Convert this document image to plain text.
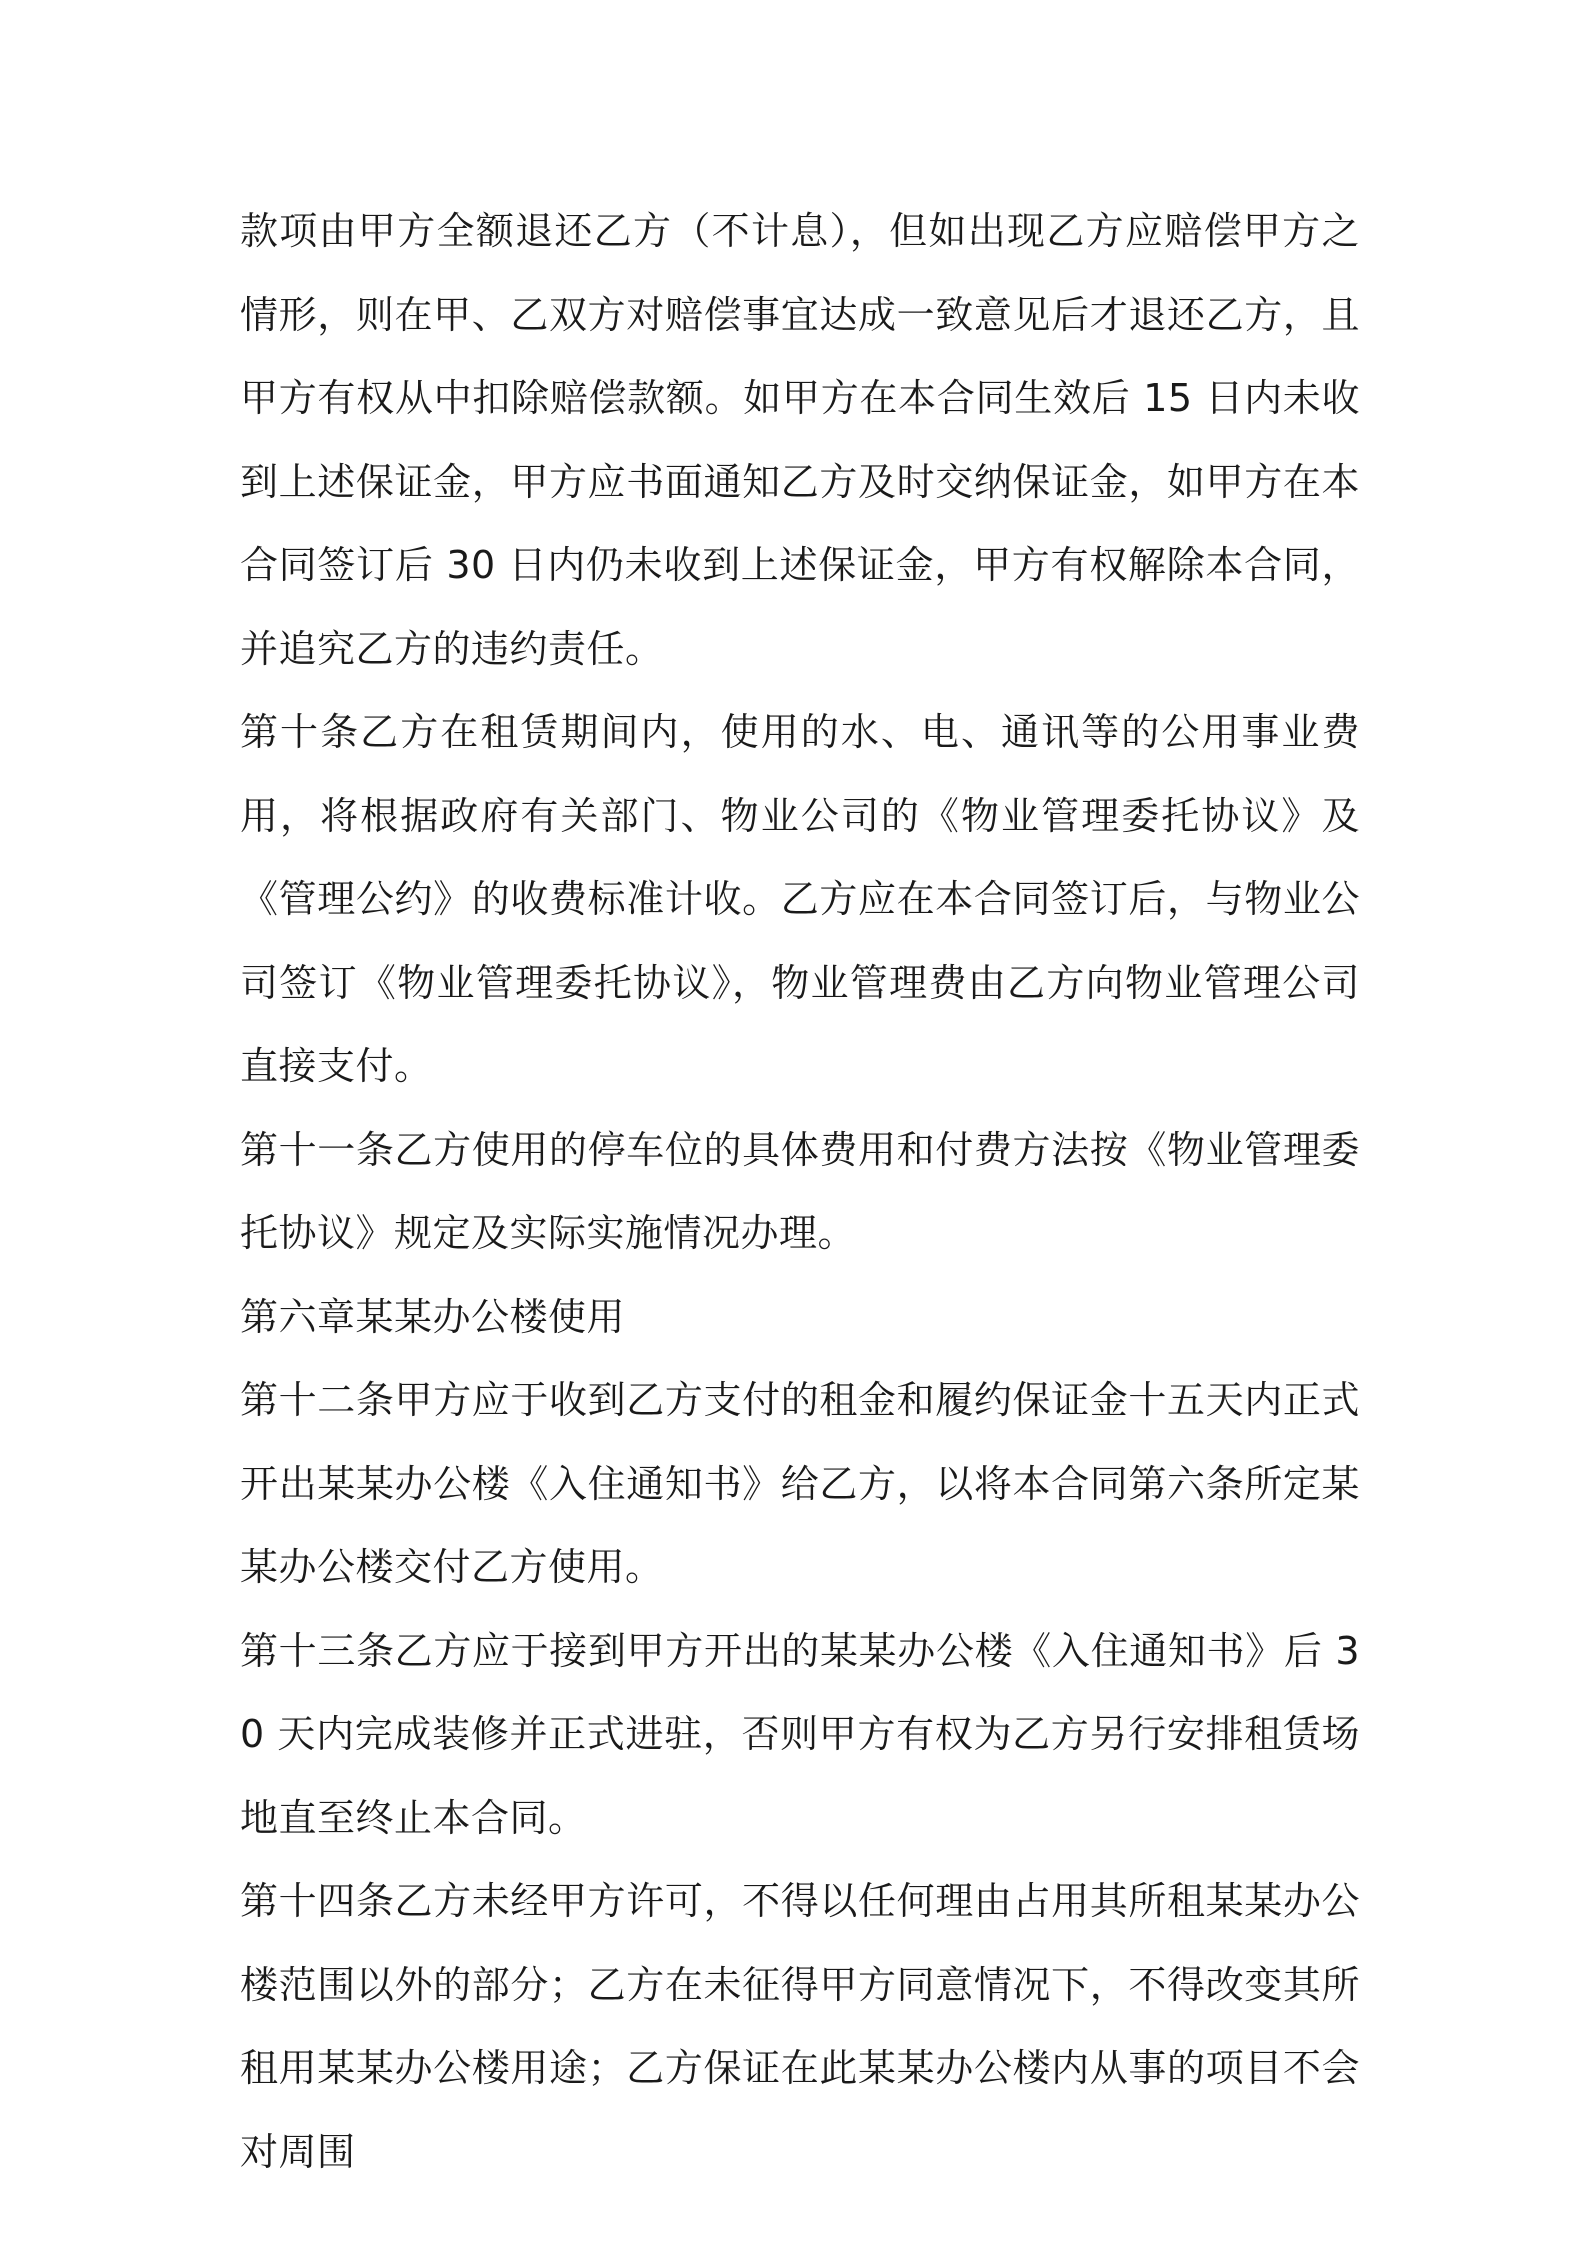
款项由甲方全额退还乙方（不计息），但如出现乙方应赔偿甲方之情形，则在甲、乙双方对赔偿事宜达成一致意见后才退还乙方，且甲方有权从中扣除赔偿款额。如甲方在本合同生效后 15 日内未收到上述保证金，甲方应书面通知乙方及时交纳保证金，如甲方在本合同签订后 30 日内仍未收到上述保证金，甲方有权解除本合同，并追究乙方的违约责任。

第十条乙方在租赁期间内，使用的水、电、通讯等的公用事业费用，将根据政府有关部门、物业公司的《物业管理委托协议》及《管理公约》的收费标准计收。乙方应在本合同签订后，与物业公司签订《物业管理委托协议》，物业管理费由乙方向物业管理公司直接支付。

第十一条乙方使用的停车位的具体费用和付费方法按《物业管理委托协议》规定及实际实施情况办理。

第六章某某办公楼使用

第十二条甲方应于收到乙方支付的租金和履约保证金十五天内正式开出某某办公楼《入住通知书》给乙方，以将本合同第六条所定某某办公楼交付乙方使用。

第十三条乙方应于接到甲方开出的某某办公楼《入住通知书》后 30 天内完成装修并正式进驻，否则甲方有权为乙方另行安排租赁场地直至终止本合同。

第十四条乙方未经甲方许可，不得以任何理由占用其所租某某办公楼范围以外的部分；乙方在未征得甲方同意情况下，不得改变其所租用某某办公楼用途；乙方保证在此某某办公楼内从事的项目不会对周围
